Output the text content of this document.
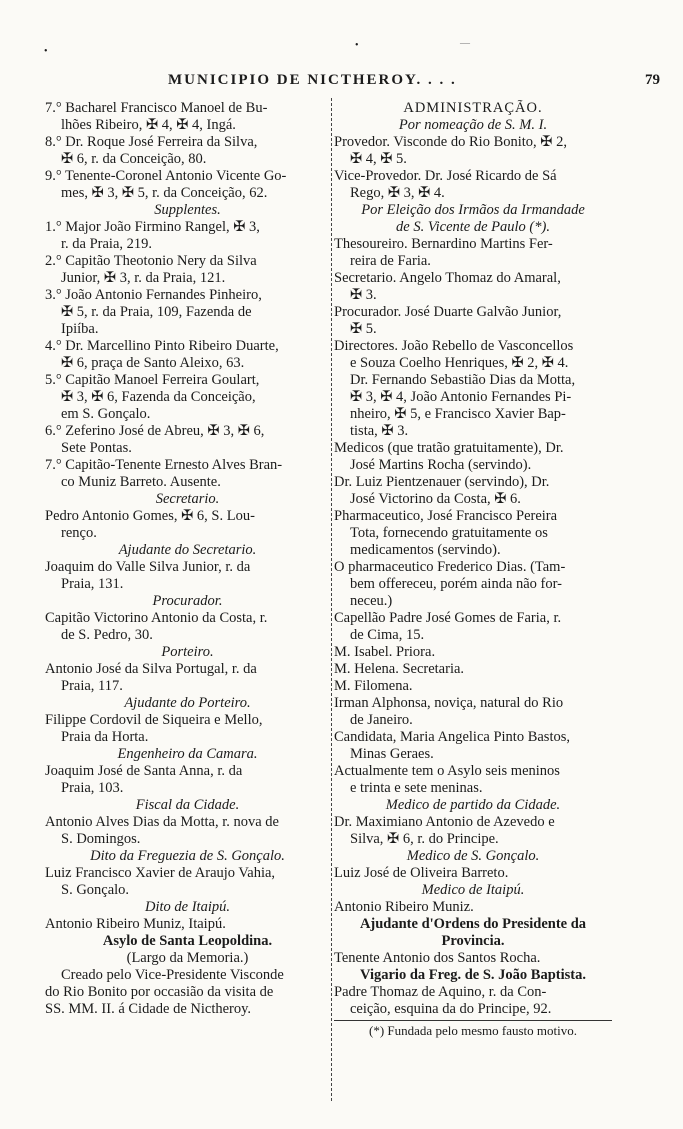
•
•	—
MUNICIPIO DE NICTHEROY. . . .	79
7.° Bacharel Francisco Manoel de Bu-
lhões Ribeiro, ✠ 4, ✠ 4, Ingá.
8.° Dr. Roque José Ferreira da Silva,
✠ 6, r. da Conceição, 80.
9.° Tenente-Coronel Antonio Vicente Go-
mes, ✠ 3, ✠ 5, r. da Conceição, 62.
Supplentes.
1.° Major João Firmino Rangel, ✠ 3,
r. da Praia, 219.
2.° Capitão Theotonio Nery da Silva
Junior, ✠ 3, r. da Praia, 121.
3.° João Antonio Fernandes Pinheiro,
✠ 5, r. da Praia, 109, Fazenda de
Ipiíba.
4.° Dr. Marcellino Pinto Ribeiro Duarte,
✠ 6, praça de Santo Aleixo, 63.
5.° Capitão Manoel Ferreira Goulart,
✠ 3, ✠ 6, Fazenda da Conceição,
em S. Gonçalo.
6.° Zeferino José de Abreu, ✠ 3, ✠ 6,
Sete Pontas.
7.° Capitão-Tenente Ernesto Alves Bran-
co Muniz Barreto. Ausente.
Secretario.
Pedro Antonio Gomes, ✠ 6, S. Lou-
renço.
Ajudante do Secretario.
Joaquim do Valle Silva Junior, r. da
Praia, 131.
Procurador.
Capitão Victorino Antonio da Costa, r.
de S. Pedro, 30.
Porteiro.
Antonio José da Silva Portugal, r. da
Praia, 117.
Ajudante do Porteiro.
Filippe Cordovil de Siqueira e Mello,
Praia da Horta.
Engenheiro da Camara.
Joaquim José de Santa Anna, r. da
Praia, 103.
Fiscal da Cidade.
Antonio Alves Dias da Motta, r. nova de
S. Domingos.
Dito da Freguezia de S. Gonçalo.
Luiz Francisco Xavier de Araujo Vahia,
S. Gonçalo.
Dito de Itaipú.
Antonio Ribeiro Muniz, Itaipú.
Asylo de Santa Leopoldina.
(Largo da Memoria.)
Creado pelo Vice-Presidente Visconde
do Rio Bonito por occasião da visita de
SS. MM. II. á Cidade de Nictheroy.
ADMINISTRAÇÃO.
Por nomeação de S. M. I.
Provedor. Visconde do Rio Bonito, ✠ 2,
✠ 4, ✠ 5.
Vice-Provedor. Dr. José Ricardo de Sá
Rego, ✠ 3, ✠ 4.
Por Eleição dos Irmãos da Irmandade
de S. Vicente de Paulo (*).
Thesoureiro. Bernardino Martins Fer-
reira de Faria.
Secretario. Angelo Thomaz do Amaral,
✠ 3.
Procurador. José Duarte Galvão Junior,
✠ 5.
Directores. João Rebello de Vasconcellos
e Souza Coelho Henriques, ✠ 2, ✠ 4.
Dr. Fernando Sebastião Dias da Motta,
✠ 3, ✠ 4, João Antonio Fernandes Pi-
nheiro, ✠ 5, e Francisco Xavier Bap-
tista, ✠ 3.
Medicos (que tratão gratuitamente), Dr.
José Martins Rocha (servindo).
Dr. Luiz Pientzenauer (servindo), Dr.
José Victorino da Costa, ✠ 6.
Pharmaceutico, José Francisco Pereira
Tota, fornecendo gratuitamente os
medicamentos (servindo).
O pharmaceutico Frederico Dias. (Tam-
bem offereceu, porém ainda não for-
neceu.)
Capellão Padre José Gomes de Faria, r.
de Cima, 15.
M. Isabel. Priora.
M. Helena. Secretaria.
M. Filomena.
Irman Alphonsa, noviça, natural do Rio
de Janeiro.
Candidata, Maria Angelica Pinto Bastos,
Minas Geraes.
Actualmente tem o Asylo seis meninos
e trinta e sete meninas.
Medico de partido da Cidade.
Dr. Maximiano Antonio de Azevedo e
Silva, ✠ 6, r. do Principe.
Medico de S. Gonçalo.
Luiz José de Oliveira Barreto.
Medico de Itaipú.
Antonio Ribeiro Muniz.
Ajudante d'Ordens do Presidente da
Provincia.
Tenente Antonio dos Santos Rocha.
Vigario da Freg. de S. João Baptista.
Padre Thomaz de Aquino, r. da Con-
ceição, esquina da do Principe, 92.
(*) Fundada pelo mesmo fausto motivo.
